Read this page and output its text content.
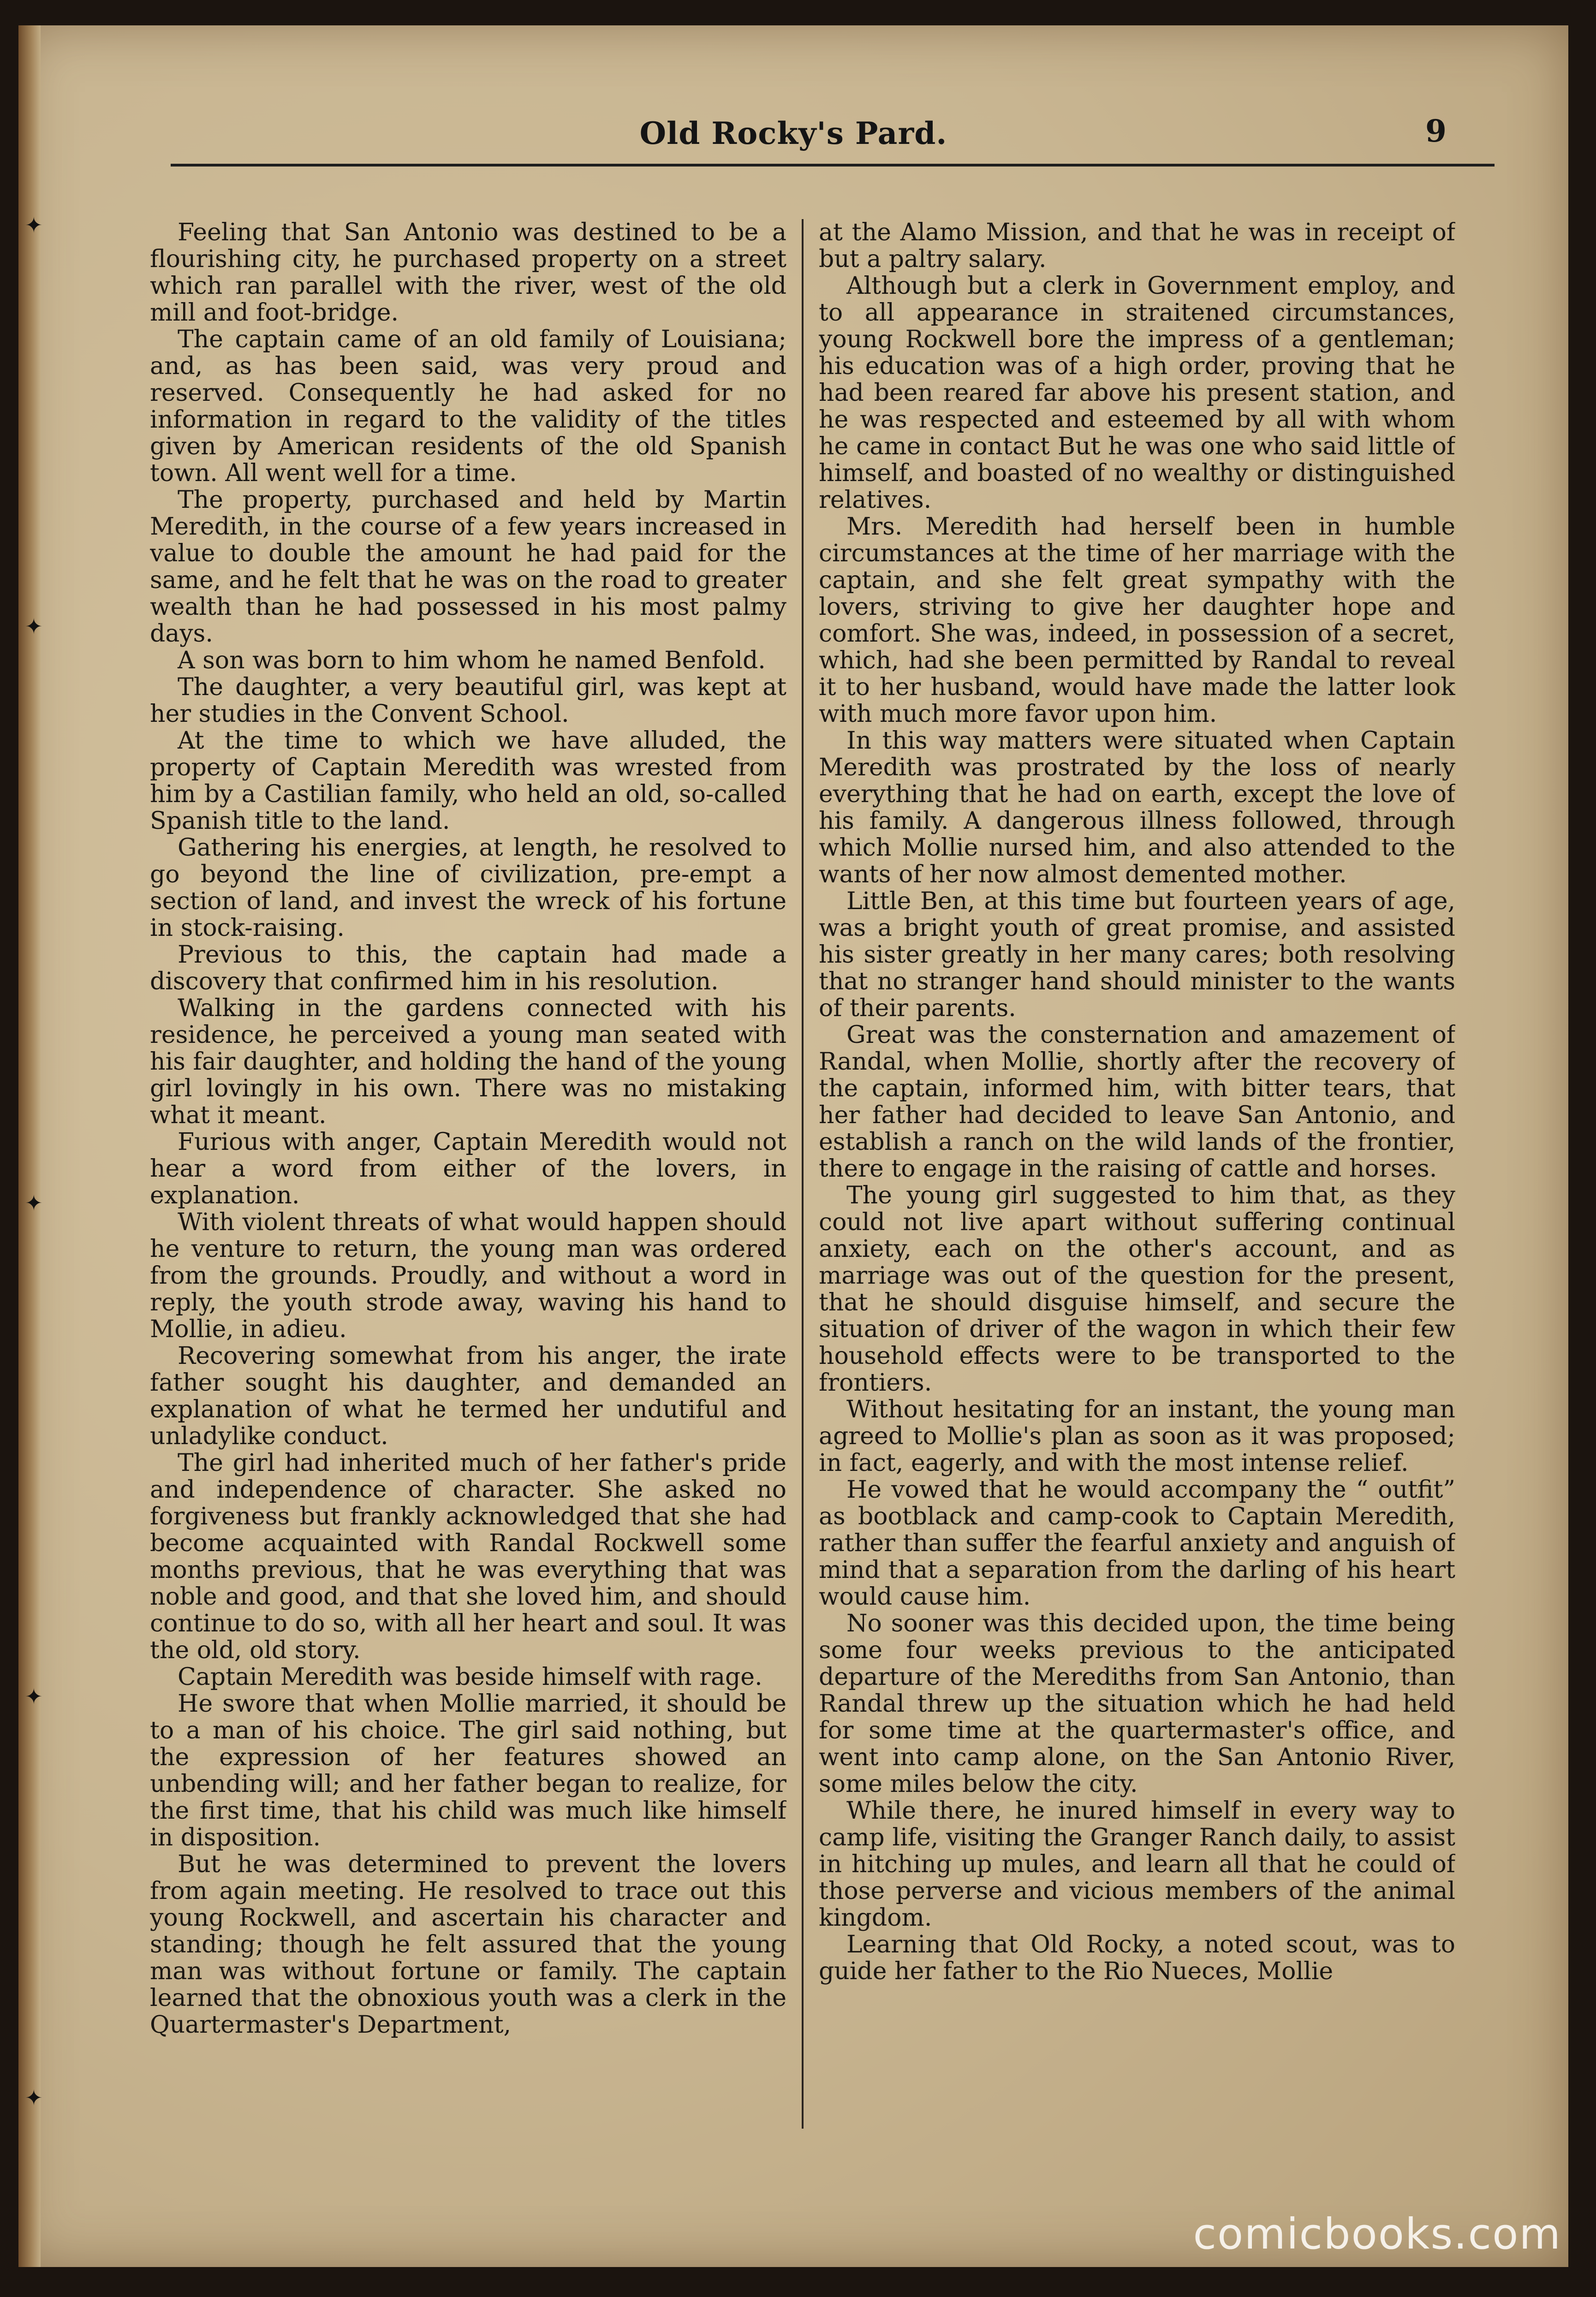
✦
✦
✦
✦
✦
Old Rocky's Pard.	9

Feeling that San Antonio was destined to be a flourishing city, he purchased property on a street which ran parallel with the river, west of the old mill and foot-bridge.

The captain came of an old family of Louisiana; and, as has been said, was very proud and reserved. Consequently he had asked for no information in regard to the validity of the titles given by American residents of the old Spanish town. All went well for a time.

The property, purchased and held by Martin Meredith, in the course of a few years increased in value to double the amount he had paid for the same, and he felt that he was on the road to greater wealth than he had possessed in his most palmy days.

A son was born to him whom he named Benfold.

The daughter, a very beautiful girl, was kept at her studies in the Convent School.

At the time to which we have alluded, the property of Captain Meredith was wrested from him by a Castilian family, who held an old, so-called Spanish title to the land.

Gathering his energies, at length, he resolved to go beyond the line of civilization, pre-empt a section of land, and invest the wreck of his fortune in stock-raising.

Previous to this, the captain had made a discovery that confirmed him in his resolution.

Walking in the gardens connected with his residence, he perceived a young man seated with his fair daughter, and holding the hand of the young girl lovingly in his own. There was no mistaking what it meant.

Furious with anger, Captain Meredith would not hear a word from either of the lovers, in explanation.

With violent threats of what would happen should he venture to return, the young man was ordered from the grounds. Proudly, and without a word in reply, the youth strode away, waving his hand to Mollie, in adieu.

Recovering somewhat from his anger, the irate father sought his daughter, and demanded an explanation of what he termed her undutiful and unladylike conduct.

The girl had inherited much of her father's pride and independence of character. She asked no forgiveness but frankly acknowledged that she had become acquainted with Randal Rockwell some months previous, that he was everything that was noble and good, and that she loved him, and should continue to do so, with all her heart and soul. It was the old, old story.

Captain Meredith was beside himself with rage.

He swore that when Mollie married, it should be to a man of his choice. The girl said nothing, but the expression of her features showed an unbending will; and her father began to realize, for the first time, that his child was much like himself in disposition.

But he was determined to prevent the lovers from again meeting. He resolved to trace out this young Rockwell, and ascertain his character and standing; though he felt assured that the young man was without fortune or family. The captain learned that the obnoxious youth was a clerk in the Quartermaster's Department,

at the Alamo Mission, and that he was in receipt of but a paltry salary.

Although but a clerk in Government employ, and to all appearance in straitened circumstances, young Rockwell bore the impress of a gentleman; his education was of a high order, proving that he had been reared far above his present station, and he was respected and esteemed by all with whom he came in contact But he was one who said little of himself, and boasted of no wealthy or distinguished relatives.

Mrs. Meredith had herself been in humble circumstances at the time of her marriage with the captain, and she felt great sympathy with the lovers, striving to give her daughter hope and comfort. She was, indeed, in possession of a secret, which, had she been permitted by Randal to reveal it to her husband, would have made the latter look with much more favor upon him.

In this way matters were situated when Captain Meredith was prostrated by the loss of nearly everything that he had on earth, except the love of his family. A dangerous illness followed, through which Mollie nursed him, and also attended to the wants of her now almost demented mother.

Little Ben, at this time but fourteen years of age, was a bright youth of great promise, and assisted his sister greatly in her many cares; both resolving that no stranger hand should minister to the wants of their parents.

Great was the consternation and amazement of Randal, when Mollie, shortly after the recovery of the captain, informed him, with bitter tears, that her father had decided to leave San Antonio, and establish a ranch on the wild lands of the frontier, there to engage in the raising of cattle and horses.

The young girl suggested to him that, as they could not live apart without suffering continual anxiety, each on the other's account, and as marriage was out of the question for the present, that he should disguise himself, and secure the situation of driver of the wagon in which their few household effects were to be transported to the frontiers.

Without hesitating for an instant, the young man agreed to Mollie's plan as soon as it was proposed; in fact, eagerly, and with the most intense relief.

He vowed that he would accompany the “ outfit” as bootblack and camp-cook to Captain Meredith, rather than suffer the fearful anxiety and anguish of mind that a separation from the darling of his heart would cause him.

No sooner was this decided upon, the time being some four weeks previous to the anticipated departure of the Merediths from San Antonio, than Randal threw up the situation which he had held for some time at the quartermaster's office, and went into camp alone, on the San Antonio River, some miles below the city.

While there, he inured himself in every way to camp life, visiting the Granger Ranch daily, to assist in hitching up mules, and learn all that he could of those perverse and vicious members of the animal kingdom.

Learning that Old Rocky, a noted scout, was to guide her father to the Rio Nueces, Mollie

comicbooks.com
